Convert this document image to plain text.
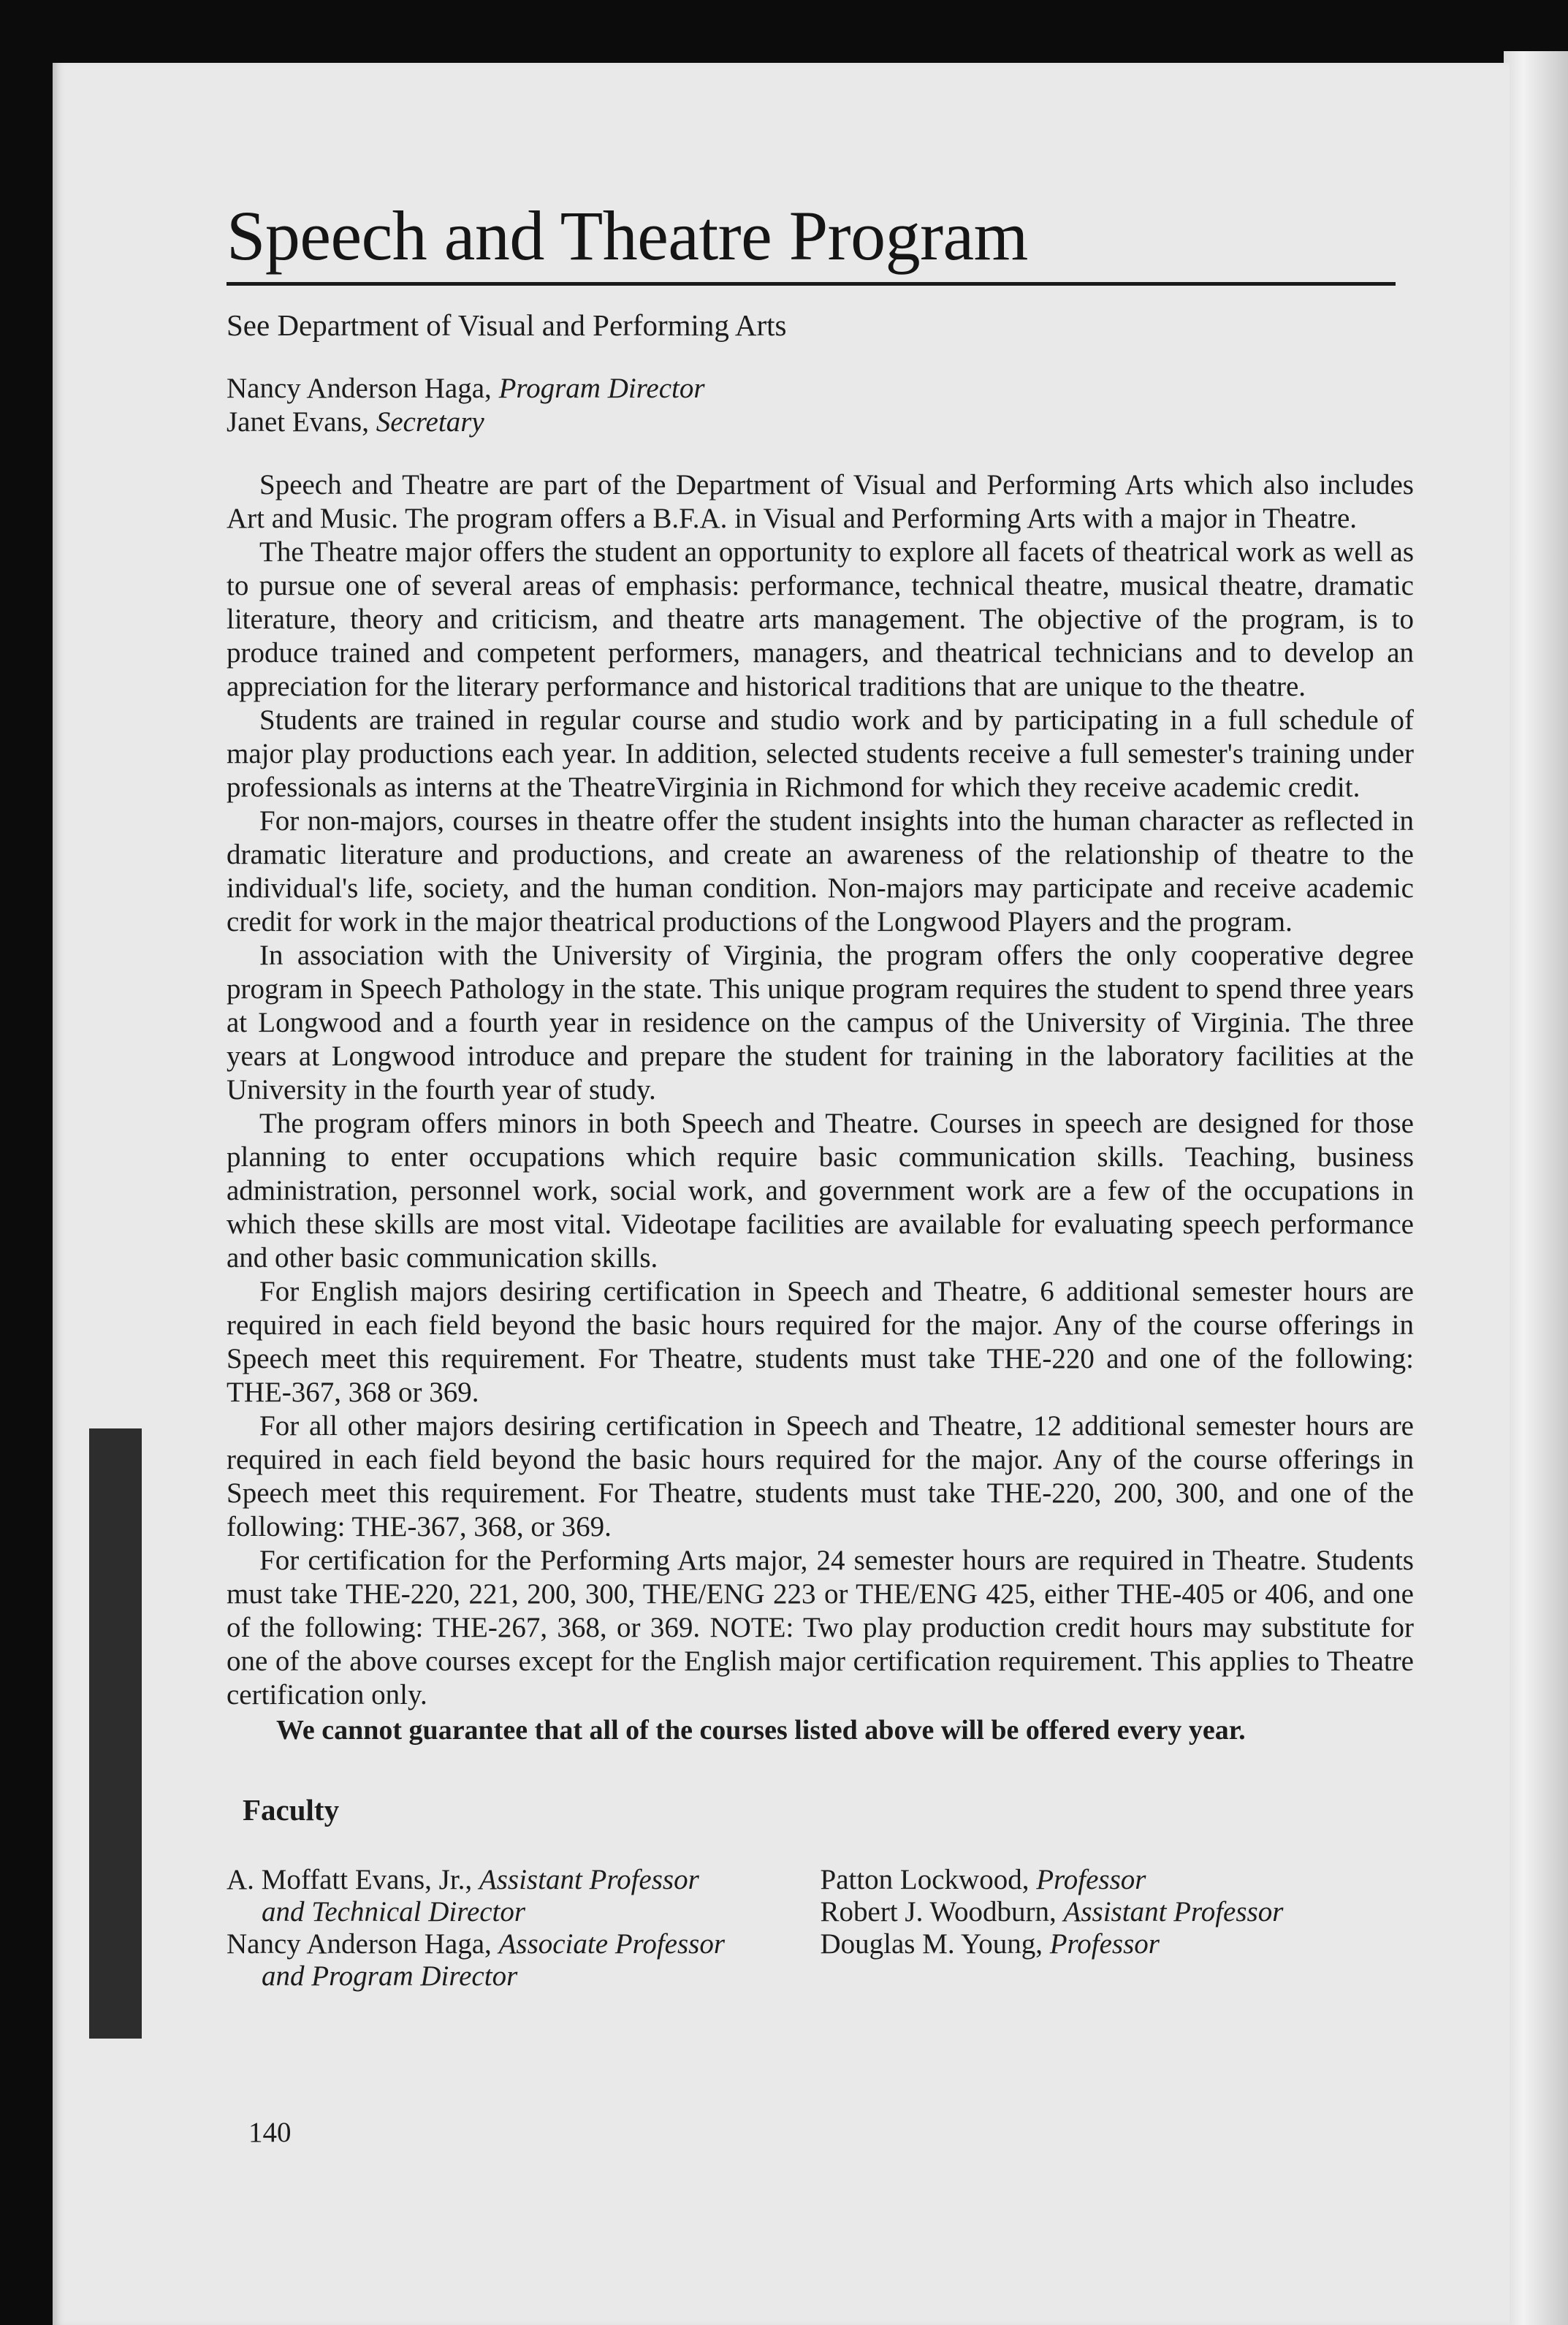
Speech and Theatre Program
See Department of Visual and Performing Arts
Nancy Anderson Haga, Program Director
Janet Evans, Secretary

Speech and Theatre are part of the Department of Visual and Performing Arts which also includes Art and Music. The program offers a B.F.A. in Visual and Performing Arts with a major in Theatre.

The Theatre major offers the student an opportunity to explore all facets of theatrical work as well as to pursue one of several areas of emphasis: performance, technical theatre, musical theatre, dramatic literature, theory and criticism, and theatre arts management. The objective of the program, is to produce trained and competent performers, managers, and theatrical technicians and to develop an appreciation for the literary performance and historical traditions that are unique to the theatre.

Students are trained in regular course and studio work and by participating in a full schedule of major play productions each year. In addition, selected students receive a full semester's training under professionals as interns at the TheatreVirginia in Richmond for which they receive academic credit.

For non-majors, courses in theatre offer the student insights into the human character as reflected in dramatic literature and productions, and create an awareness of the relationship of theatre to the individual's life, society, and the human condition. Non-majors may participate and receive academic credit for work in the major theatrical productions of the Longwood Players and the program.

In association with the University of Virginia, the program offers the only cooperative degree program in Speech Pathology in the state. This unique program requires the student to spend three years at Longwood and a fourth year in residence on the campus of the University of Virginia. The three years at Longwood introduce and prepare the student for training in the laboratory facilities at the University in the fourth year of study.

The program offers minors in both Speech and Theatre. Courses in speech are designed for those planning to enter occupations which require basic communication skills. Teaching, business administration, personnel work, social work, and government work are a few of the occupations in which these skills are most vital. Videotape facilities are available for evaluating speech performance and other basic communication skills.

For English majors desiring certification in Speech and Theatre, 6 additional semester hours are required in each field beyond the basic hours required for the major. Any of the course offerings in Speech meet this requirement. For Theatre, students must take THE-220 and one of the following: THE-367, 368 or 369.

For all other majors desiring certification in Speech and Theatre, 12 additional semester hours are required in each field beyond the basic hours required for the major. Any of the course offerings in Speech meet this requirement. For Theatre, students must take THE-220, 200, 300, and one of the following: THE-367, 368, or 369.

For certification for the Performing Arts major, 24 semester hours are required in Theatre. Students must take THE-220, 221, 200, 300, THE/ENG 223 or THE/ENG 425, either THE-405 or 406, and one of the following: THE-267, 368, or 369. NOTE: Two play production credit hours may substitute for one of the above courses except for the English major certification requirement. This applies to Theatre certification only.

We cannot guarantee that all of the courses listed above will be offered every year.
Faculty
A. Moffatt Evans, Jr., Assistant Professor
and Technical Director
Nancy Anderson Haga, Associate Professor
and Program Director
Patton Lockwood, Professor
Robert J. Woodburn, Assistant Professor
Douglas M. Young, Professor
140
